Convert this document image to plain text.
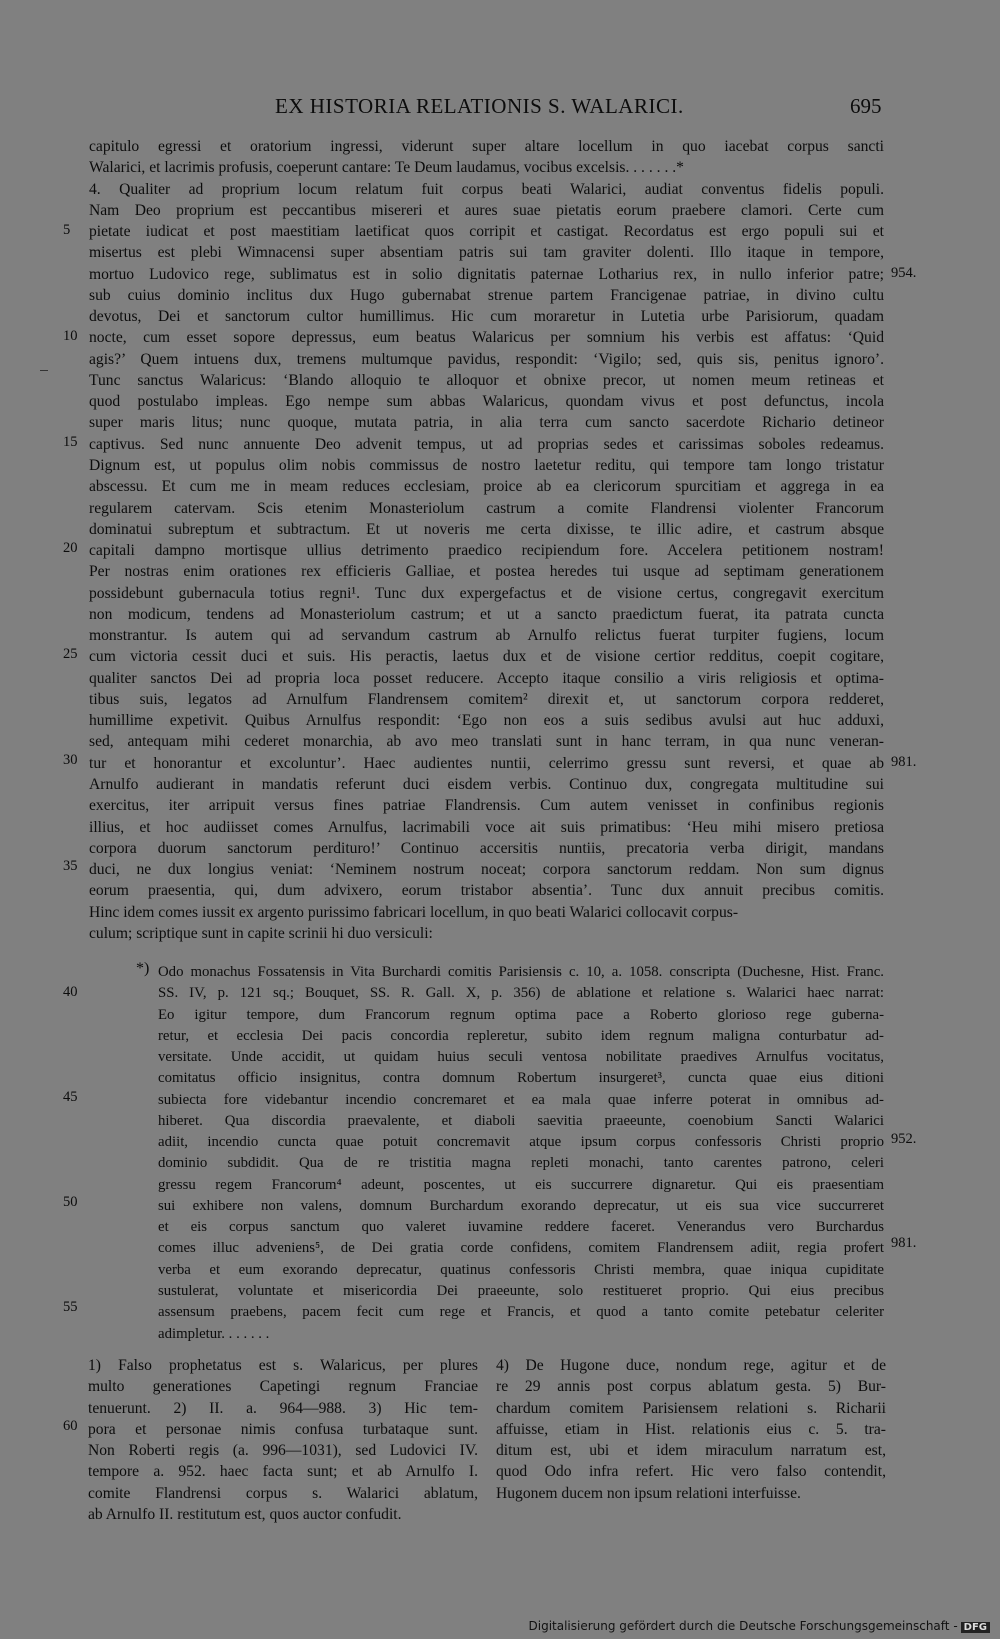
EX HISTORIA RELATIONIS S. WALARICI.	695
capitulo egressi et oratorium ingressi, viderunt super altare locellum in quo iacebat corpus sancti
Walarici, et lacrimis profusis, coeperunt cantare: Te Deum laudamus, vocibus excelsis. . . . . . .*
4. Qualiter ad proprium locum relatum fuit corpus beati Walarici, audiat conventus fidelis populi.
Nam Deo proprium est peccantibus misereri et aures suae pietatis eorum praebere clamori. Certe cum
pietate iudicat et post maestitiam laetificat quos corripit et castigat. Recordatus est ergo populi sui et
misertus est plebi Wimnacensi super absentiam patris sui tam graviter dolenti. Illo itaque in tempore,
mortuo Ludovico rege, sublimatus est in solio dignitatis paternae Lotharius rex, in nullo inferior patre;
sub cuius dominio inclitus dux Hugo gubernabat strenue partem Francigenae patriae, in divino cultu
devotus, Dei et sanctorum cultor humillimus. Hic cum moraretur in Lutetia urbe Parisiorum, quadam
nocte, cum esset sopore depressus, eum beatus Walaricus per somnium his verbis est affatus: ‘Quid
agis?’ Quem intuens dux, tremens multumque pavidus, respondit: ‘Vigilo; sed, quis sis, penitus ignoro’.
Tunc sanctus Walaricus: ‘Blando alloquio te alloquor et obnixe precor, ut nomen meum retineas et
quod postulabo impleas. Ego nempe sum abbas Walaricus, quondam vivus et post defunctus, incola
super maris litus; nunc quoque, mutata patria, in alia terra cum sancto sacerdote Richario detineor
captivus. Sed nunc annuente Deo advenit tempus, ut ad proprias sedes et carissimas soboles redeamus.
Dignum est, ut populus olim nobis commissus de nostro laetetur reditu, qui tempore tam longo tristatur
abscessu. Et cum me in meam reduces ecclesiam, proice ab ea clericorum spurcitiam et aggrega in ea
regularem catervam. Scis etenim Monasteriolum castrum a comite Flandrensi violenter Francorum
dominatui subreptum et subtractum. Et ut noveris me certa dixisse, te illic adire, et castrum absque
capitali dampno mortisque ullius detrimento praedico recipiendum fore. Accelera petitionem nostram!
Per nostras enim orationes rex efficieris Galliae, et postea heredes tui usque ad septimam generationem
possidebunt gubernacula totius regni¹. Tunc dux expergefactus et de visione certus, congregavit exercitum
non modicum, tendens ad Monasteriolum castrum; et ut a sancto praedictum fuerat, ita patrata cuncta
monstrantur. Is autem qui ad servandum castrum ab Arnulfo relictus fuerat turpiter fugiens, locum
cum victoria cessit duci et suis. His peractis, laetus dux et de visione certior redditus, coepit cogitare,
qualiter sanctos Dei ad propria loca posset reducere. Accepto itaque consilio a viris religiosis et optima-
tibus suis, legatos ad Arnulfum Flandrensem comitem² direxit et, ut sanctorum corpora redderet,
humillime expetivit. Quibus Arnulfus respondit: ‘Ego non eos a suis sedibus avulsi aut huc adduxi,
sed, antequam mihi cederet monarchia, ab avo meo translati sunt in hanc terram, in qua nunc veneran-
tur et honorantur et excoluntur’. Haec audientes nuntii, celerrimo gressu sunt reversi, et quae ab
Arnulfo audierant in mandatis referunt duci eisdem verbis. Continuo dux, congregata multitudine sui
exercitus, iter arripuit versus fines patriae Flandrensis. Cum autem venisset in confinibus regionis
illius, et hoc audiisset comes Arnulfus, lacrimabili voce ait suis primatibus: ‘Heu mihi misero pretiosa
corpora duorum sanctorum perdituro!’ Continuo accersitis nuntiis, precatoria verba dirigit, mandans
duci, ne dux longius veniat: ‘Neminem nostrum noceat; corpora sanctorum reddam. Non sum dignus
eorum praesentia, qui, dum advixero, eorum tristabor absentia’. Tunc dux annuit precibus comitis.
Hinc idem comes iussit ex argento purissimo fabricari locellum, in quo beati Walarici collocavit corpus-
culum; scriptique sunt in capite scrinii hi duo versiculi:
*) Odo monachus Fossatensis in Vita Burchardi comitis Parisiensis c. 10, a. 1058. conscripta (Duchesne, Hist. Franc.
SS. IV, p. 121 sq.; Bouquet, SS. R. Gall. X, p. 356) de ablatione et relatione s. Walarici haec narrat:
Eo igitur tempore, dum Francorum regnum optima pace a Roberto glorioso rege guberna-
retur, et ecclesia Dei pacis concordia repleretur, subito idem regnum maligna conturbatur ad-
versitate. Unde accidit, ut quidam huius seculi ventosa nobilitate praedives Arnulfus vocitatus,
comitatus officio insignitus, contra domnum Robertum insurgeret³, cuncta quae eius ditioni
subiecta fore videbantur incendio concremaret et ea mala quae inferre poterat in omnibus ad-
hiberet. Qua discordia praevalente, et diaboli saevitia praeeunte, coenobium Sancti Walarici
adiit, incendio cuncta quae potuit concremavit atque ipsum corpus confessoris Christi proprio
dominio subdidit. Qua de re tristitia magna repleti monachi, tanto carentes patrono, celeri
gressu regem Francorum⁴ adeunt, poscentes, ut eis succurrere dignaretur. Qui eis praesentiam
sui exhibere non valens, domnum Burchardum exorando deprecatur, ut eis sua vice succurreret
et eis corpus sanctum quo valeret iuvamine reddere faceret. Venerandus vero Burchardus
comes illuc adveniens⁵, de Dei gratia corde confidens, comitem Flandrensem adiit, regia profert
verba et eum exorando deprecatur, quatinus confessoris Christi membra, quae iniqua cupiditate
sustulerat, voluntate et misericordia Dei praeeunte, solo restitueret proprio. Qui eius precibus
assensum praebens, pacem fecit cum rege et Francis, et quod a tanto comite petebatur celeriter
adimpletur. . . . . . .
1) Falso prophetatus est s. Walaricus, per plures
multo generationes Capetingi regnum Franciae
tenuerunt. 2) II. a. 964—988. 3) Hic tem-
pora et personae nimis confusa turbataque sunt.
Non Roberti regis (a. 996—1031), sed Ludovici IV.
tempore a. 952. haec facta sunt; et ab Arnulfo I.
comite Flandrensi corpus s. Walarici ablatum,
ab Arnulfo II. restitutum est, quos auctor confudit.
4) De Hugone duce, nondum rege, agitur et de
re 29 annis post corpus ablatum gesta. 5) Bur-
chardum comitem Parisiensem relationi s. Richarii
affuisse, etiam in Hist. relationis eius c. 5. tra-
ditum est, ubi et idem miraculum narratum est,
quod Odo infra refert. Hic vero falso contendit,
Hugonem ducem non ipsum relationi interfuisse.
5
10
15
20
25
30
35
40
45
50
55
60
954.
981.
952.
981.
Digitalisierung gefördert durch die Deutsche Forschungsgemeinschaft - DFG
